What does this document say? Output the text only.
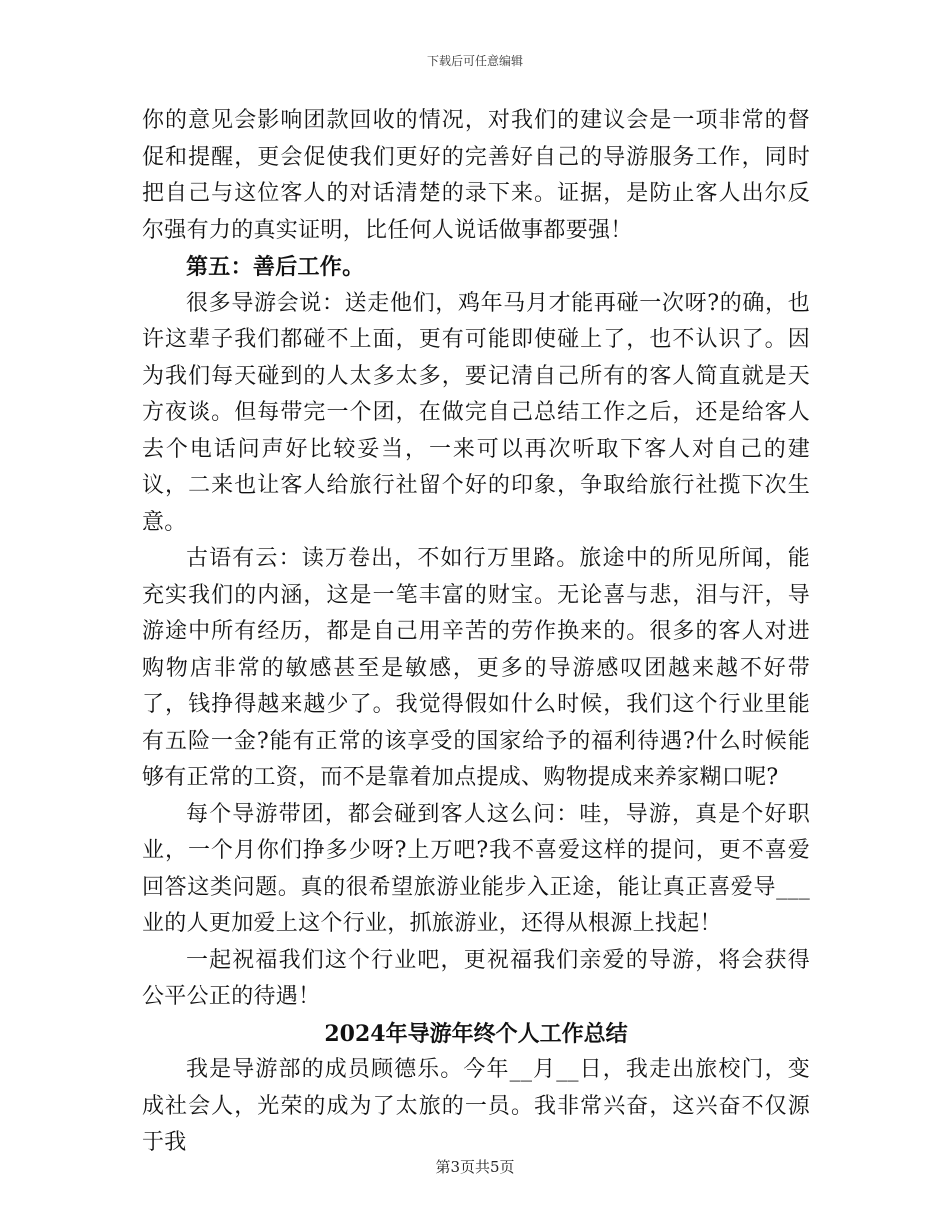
下载后可任意编辑

你的意见会影响团款回收的情况，对我们的建议会是一项非常的督促和提醒，更会促使我们更好的完善好自己的导游服务工作，同时把自己与这位客人的对话清楚的录下来。证据，是防止客人出尔反尔强有力的真实证明，比任何人说话做事都要强！

第五：善后工作。

很多导游会说：送走他们，鸡年马月才能再碰一次呀?的确，也许这辈子我们都碰不上面，更有可能即使碰上了，也不认识了。因为我们每天碰到的人太多太多，要记清自己所有的客人简直就是天方夜谈。但每带完一个团，在做完自己总结工作之后，还是给客人去个电话问声好比较妥当，一来可以再次听取下客人对自己的建议，二来也让客人给旅行社留个好的印象，争取给旅行社揽下次生意。

古语有云：读万卷出，不如行万里路。旅途中的所见所闻，能充实我们的内涵，这是一笔丰富的财宝。无论喜与悲，泪与汗，导游途中所有经历，都是自己用辛苦的劳作换来的。很多的客人对进购物店非常的敏感甚至是敏感，更多的导游感叹团越来越不好带了，钱挣得越来越少了。我觉得假如什么时候，我们这个行业里能有五险一金?能有正常的该享受的国家给予的福利待遇?什么时候能够有正常的工资，而不是靠着加点提成、购物提成来养家糊口呢?

每个导游带团，都会碰到客人这么问：哇，导游，真是个好职业，一个月你们挣多少呀?上万吧?我不喜爱这样的提问，更不喜爱回答这类问题。真的很希望旅游业能步入正途，能让真正喜爱导___业的人更加爱上这个行业，抓旅游业，还得从根源上找起！

一起祝福我们这个行业吧，更祝福我们亲爱的导游，将会获得公平公正的待遇！

2024年导游年终个人工作总结

我是导游部的成员顾德乐。今年__月__日，我走出旅校门，变成社会人，光荣的成为了太旅的一员。我非常兴奋，这兴奋不仅源于我

第3页共5页
